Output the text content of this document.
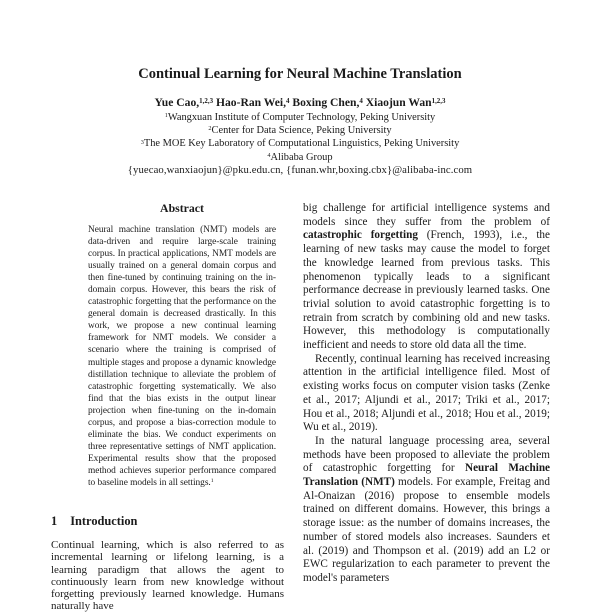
Continual Learning for Neural Machine Translation
Yue Cao,$^{1,2,3}$ Hao-Ran Wei,$^4$ Boxing Chen,$^4$ Xiaojun Wan$^{1,2,3}$
$^1$Wangxuan Institute of Computer Technology, Peking University
$^2$Center for Data Science, Peking University
$^3$The MOE Key Laboratory of Computational Linguistics, Peking University
$^4$Alibaba Group
{yuecao,wanxiaojun}@pku.edu.cn, {funan.whr,boxing.cbx}@alibaba-inc.com
Abstract

Neural machine translation (NMT) models are data-driven and require large-scale training corpus. In practical applications, NMT models are usually trained on a general domain corpus and then fine-tuned by continuing training on the in-domain corpus. However, this bears the risk of catastrophic forgetting that the performance on the general domain is decreased drastically. In this work, we propose a new continual learning framework for NMT models. We consider a scenario where the training is comprised of multiple stages and propose a dynamic knowledge distillation technique to alleviate the problem of catastrophic forgetting systematically. We also find that the bias exists in the output linear projection when fine-tuning on the in-domain corpus, and propose a bias-correction module to eliminate the bias. We conduct experiments on three representative settings of NMT application. Experimental results show that the proposed method achieves superior performance compared to baseline models in all settings.$^1$

1 Introduction

Continual learning, which is also referred to as incremental learning or lifelong learning, is a learning paradigm that allows the agent to continuously learn from new knowledge without forgetting previously learned knowledge. Humans naturally have

big challenge for artificial intelligence systems and models since they suffer from the problem of catastrophic forgetting (French, 1993), i.e., the learning of new tasks may cause the model to forget the knowledge learned from previous tasks. This phenomenon typically leads to a significant performance decrease in previously learned tasks. One trivial solution to avoid catastrophic forgetting is to retrain from scratch by combining old and new tasks. However, this methodology is computationally inefficient and needs to store old data all the time.

Recently, continual learning has received increasing attention in the artificial intelligence filed. Most of existing works focus on computer vision tasks (Zenke et al., 2017; Aljundi et al., 2017; Triki et al., 2017; Hou et al., 2018; Aljundi et al., 2018; Hou et al., 2019; Wu et al., 2019).

In the natural language processing area, several methods have been proposed to alleviate the problem of catastrophic forgetting for Neural Machine Translation (NMT) models. For example, Freitag and Al-Onaizan (2016) propose to ensemble models trained on different domains. However, this brings a storage issue: as the number of domains increases, the number of stored models also increases. Saunders et al. (2019) and Thompson et al. (2019) add an L2 or EWC regularization to each parameter to prevent the model's parameters
